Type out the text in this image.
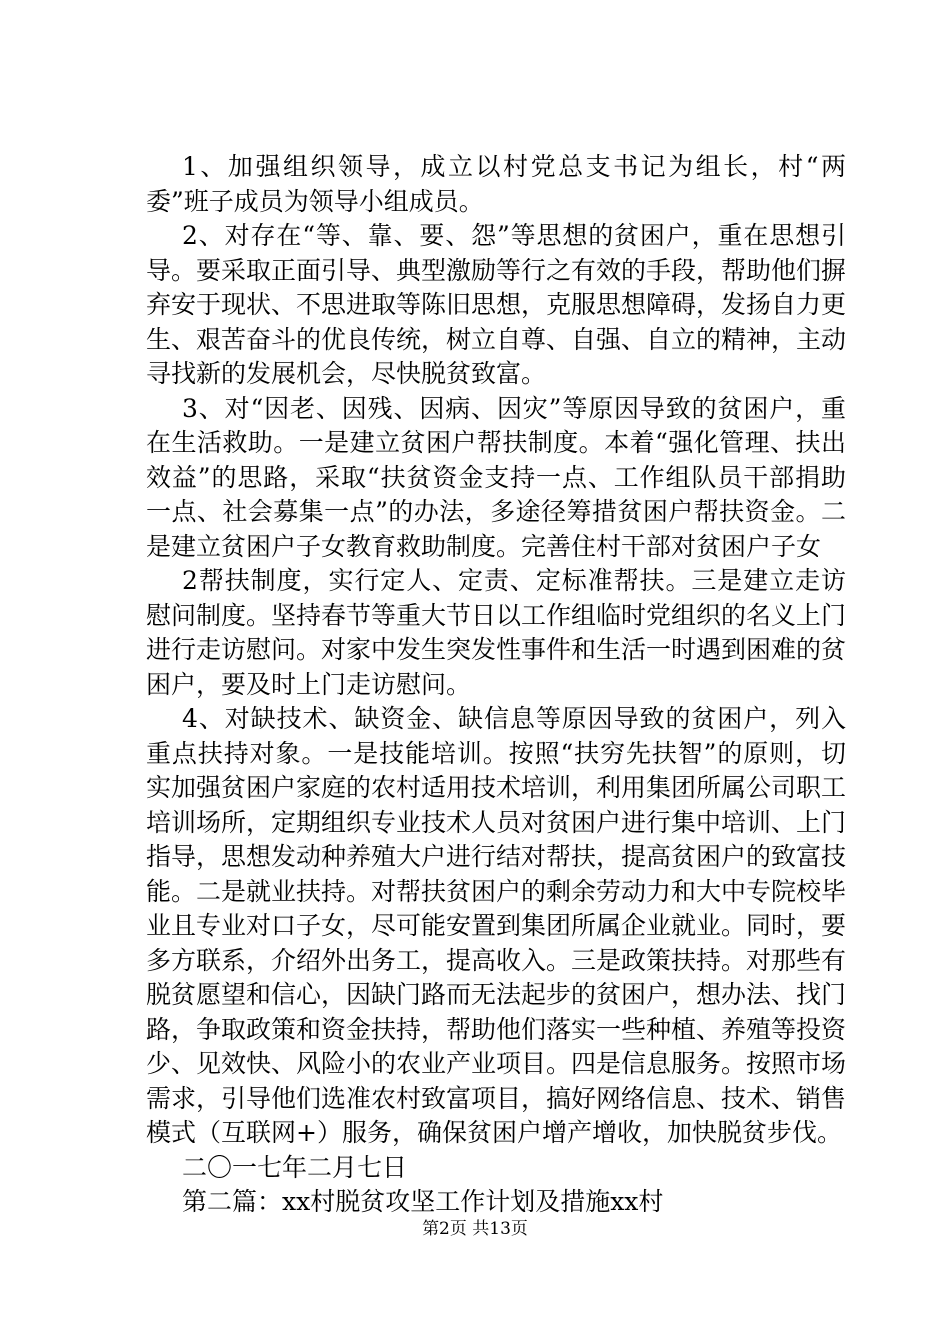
1、加强组织领导，成立以村党总支书记为组长，村“两委”班子成员为领导小组成员。

2、对存在“等、靠、要、怨”等思想的贫困户，重在思想引导。要采取正面引导、典型激励等行之有效的手段，帮助他们摒弃安于现状、不思进取等陈旧思想，克服思想障碍，发扬自力更生、艰苦奋斗的优良传统，树立自尊、自强、自立的精神，主动寻找新的发展机会，尽快脱贫致富。

3、对“因老、因残、因病、因灾”等原因导致的贫困户，重在生活救助。一是建立贫困户帮扶制度。本着“强化管理、扶出效益”的思路，采取“扶贫资金支持一点、工作组队员干部捐助一点、社会募集一点”的办法，多途径筹措贫困户帮扶资金。二是建立贫困户子女教育救助制度。完善住村干部对贫困户子女

2帮扶制度，实行定人、定责、定标准帮扶。三是建立走访慰问制度。坚持春节等重大节日以工作组临时党组织的名义上门进行走访慰问。对家中发生突发性事件和生活一时遇到困难的贫困户，要及时上门走访慰问。

4、对缺技术、缺资金、缺信息等原因导致的贫困户，列入重点扶持对象。一是技能培训。按照“扶穷先扶智”的原则，切实加强贫困户家庭的农村适用技术培训，利用集团所属公司职工培训场所，定期组织专业技术人员对贫困户进行集中培训、上门指导，思想发动种养殖大户进行结对帮扶，提高贫困户的致富技能。二是就业扶持。对帮扶贫困户的剩余劳动力和大中专院校毕业且专业对口子女，尽可能安置到集团所属企业就业。同时，要多方联系，介绍外出务工，提高收入。三是政策扶持。对那些有脱贫愿望和信心，因缺门路而无法起步的贫困户，想办法、找门路，争取政策和资金扶持，帮助他们落实一些种植、养殖等投资少、见效快、风险小的农业产业项目。四是信息服务。按照市场需求，引导他们选准农村致富项目，搞好网络信息、技术、销售模式（互联网+）服务，确保贫困户增产增收，加快脱贫步伐。

二〇一七年二月七日

第二篇：xx村脱贫攻坚工作计划及措施xx村

第2页 共13页
